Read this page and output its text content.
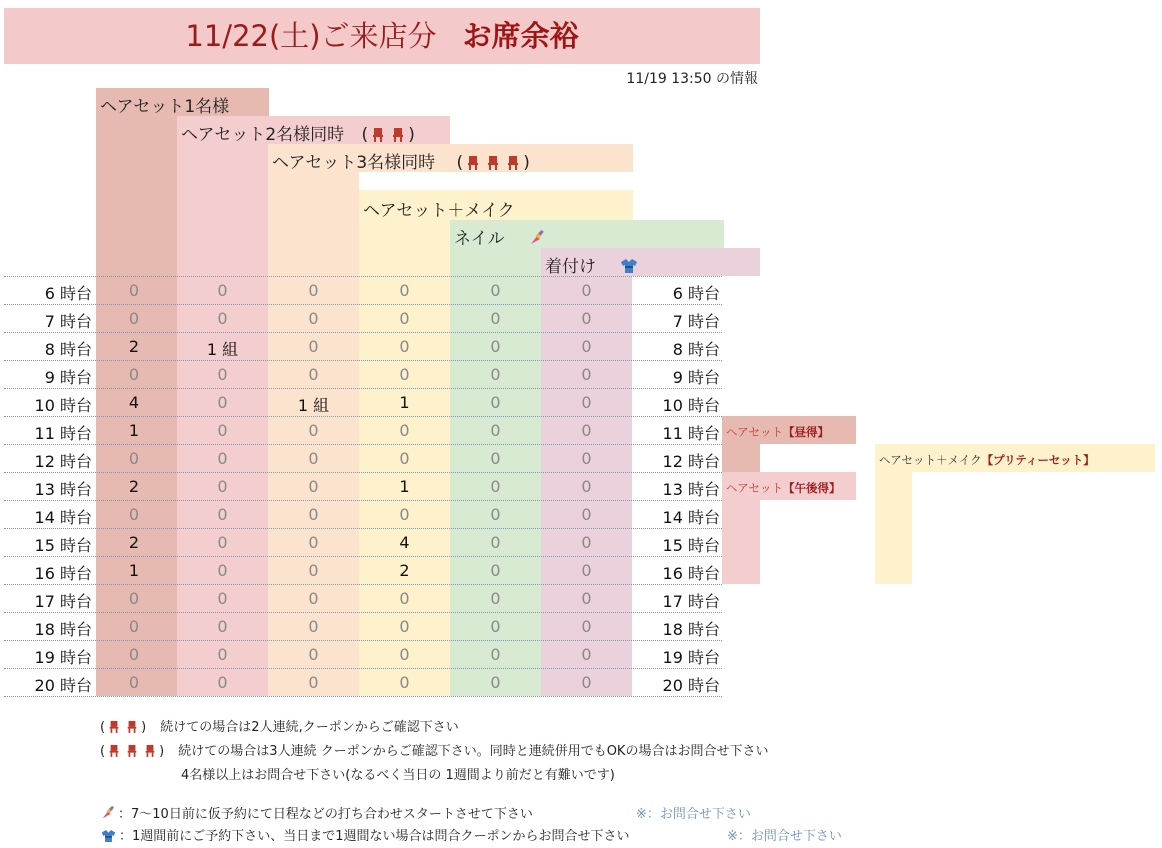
11/22(土)ご来店分 お席余裕
11/19 13:50 の情報
ヘアセット1名様
ヘアセット2名様同時 ( )
ヘアセット3名様同時 (	)
ヘアセット＋メイク
ネイル
着付け
6 時台	0	0	0	0	0	0	6 時台
7 時台	0	0	0	0	0	0	7 時台
8 時台	2	1 組	0	0	0	0	8 時台
9 時台	0	0	0	0	0	0	9 時台
10 時台	4	0	1 組	1	0	0	10 時台
11 時台	1	0	0	0	0	0	11 時台
12 時台	0	0	0	0	0	0	12 時台
13 時台	2	0	0	1	0	0	13 時台
14 時台	0	0	0	0	0	0	14 時台
15 時台	2	0	0	4	0	0	15 時台
16 時台	1	0	0	2	0	0	16 時台
17 時台	0	0	0	0	0	0	17 時台
18 時台	0	0	0	0	0	0	18 時台
19 時台	0	0	0	0	0	0	19 時台
20 時台	0	0	0	0	0	0	20 時台
ヘアセット【昼得】
ヘアセット【午後得】
ヘアセット＋メイク【プリティーセット】
(	) 続けての場合は2人連続,クーポンからご確認下さい
(	) 続けての場合は3人連続 クーポンからご確認下さい。同時と連続併用でもOKの場合はお問合せ下さい
4名様以上はお問合せ下さい(なるべく当日の 1週間より前だと有難いです)
：7〜10日前に仮予約にて日程などの打ち合わせスタートさせて下さい	※：お問合せ下さい
：1週間前にご予約下さい、当日まで1週間ない場合は問合クーポンからお問合せ下さい	※：お問合せ下さい
